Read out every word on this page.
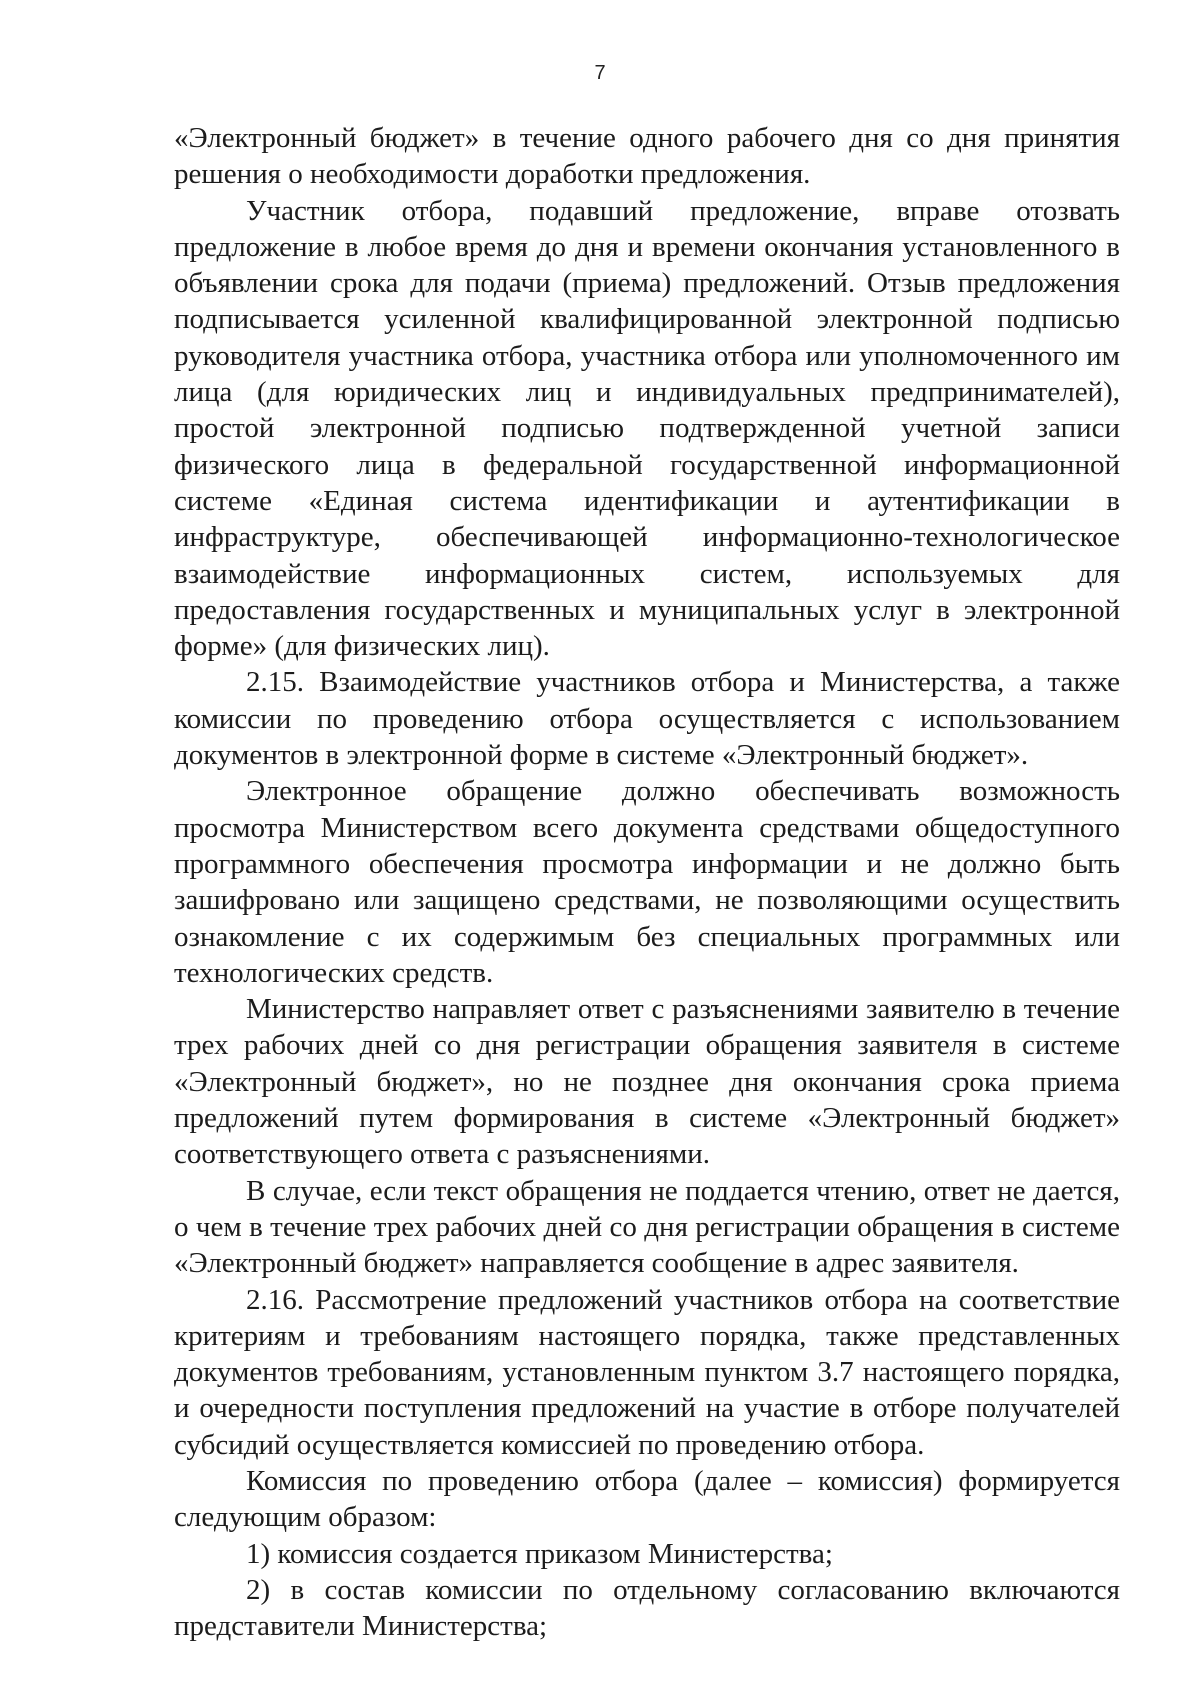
7

«Электронный бюджет» в течение одного рабочего дня со дня принятия решения о необходимости доработки предложения.

Участник отбора, подавший предложение, вправе отозвать предложение в любое время до дня и времени окончания установленного в объявлении срока для подачи (приема) предложений. Отзыв предложения подписывается усиленной квалифицированной электронной подписью руководителя участника отбора, участника отбора или уполномоченного им лица (для юридических лиц и индивидуальных предпринимателей), простой электронной подписью подтвержденной учетной записи физического лица в федеральной государственной информационной системе «Единая система идентификации и аутентификации в инфраструктуре, обеспечивающей информационно-технологическое взаимодействие информационных систем, используемых для предоставления государственных и муниципальных услуг в электронной форме» (для физических лиц).

2.15. Взаимодействие участников отбора и Министерства, а также комиссии по проведению отбора осуществляется с использованием документов в электронной форме в системе «Электронный бюджет».

Электронное обращение должно обеспечивать возможность просмотра Министерством всего документа средствами общедоступного программного обеспечения просмотра информации и не должно быть зашифровано или защищено средствами, не позволяющими осуществить ознакомление с их содержимым без специальных программных или технологических средств.

Министерство направляет ответ с разъяснениями заявителю в течение трех рабочих дней со дня регистрации обращения заявителя в системе «Электронный бюджет», но не позднее дня окончания срока приема предложений путем формирования в системе «Электронный бюджет» соответствующего ответа с разъяснениями.

В случае, если текст обращения не поддается чтению, ответ не дается, о чем в течение трех рабочих дней со дня регистрации обращения в системе «Электронный бюджет» направляется сообщение в адрес заявителя.

2.16. Рассмотрение предложений участников отбора на соответствие критериям и требованиям настоящего порядка, также представленных документов требованиям, установленным пунктом 3.7 настоящего порядка, и очередности поступления предложений на участие в отборе получателей субсидий осуществляется комиссией по проведению отбора.

Комиссия по проведению отбора (далее – комиссия) формируется следующим образом:

1) комиссия создается приказом Министерства;

2) в состав комиссии по отдельному согласованию включаются представители Министерства;
